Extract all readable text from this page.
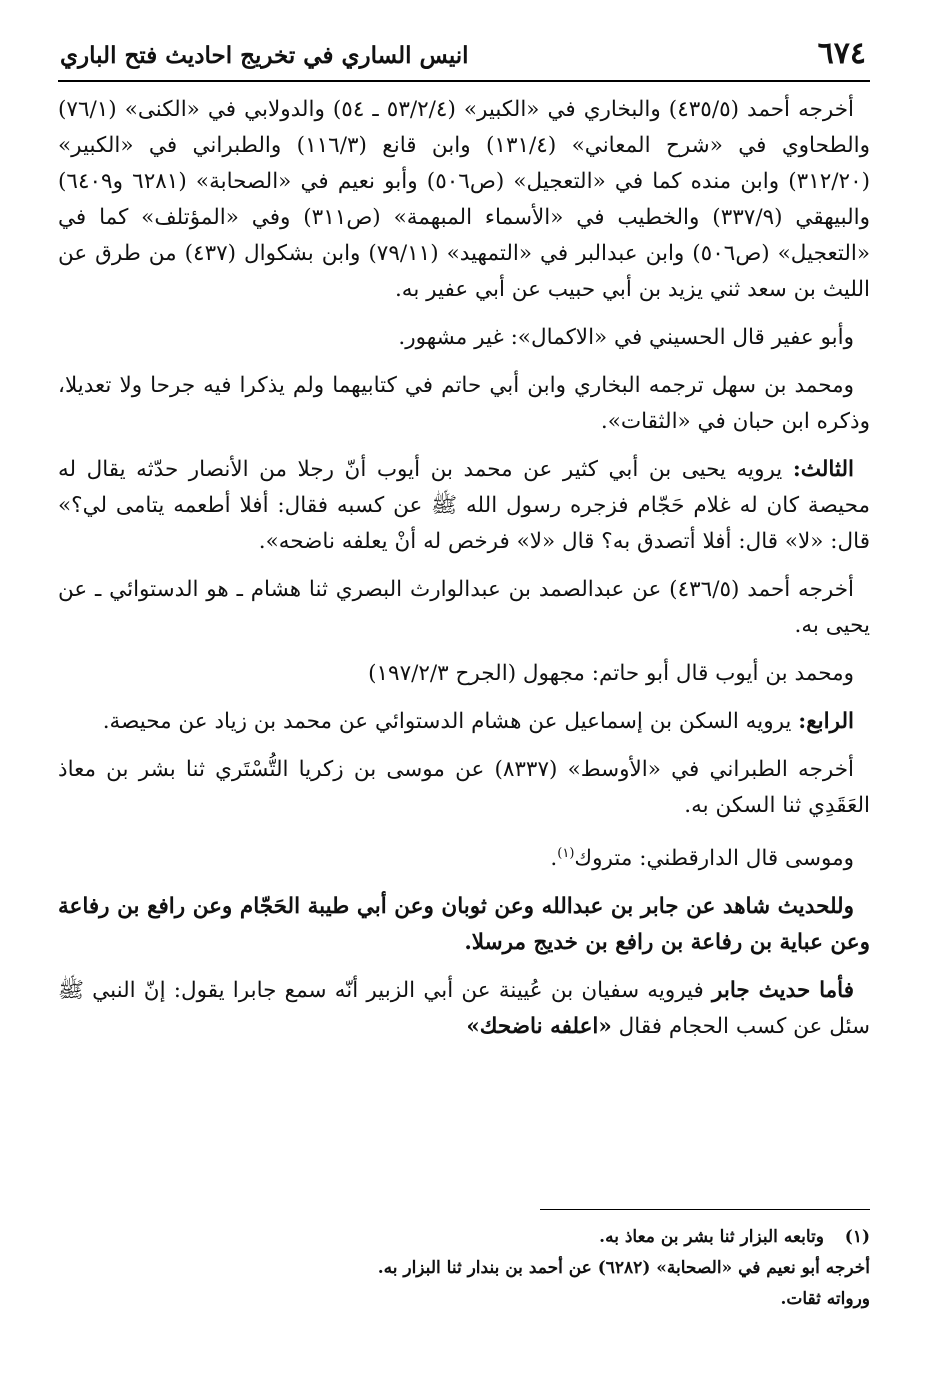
٦٧٤
انيس الساري في تخريج احاديث فتح الباري

أخرجه أحمد (٤٣٥/٥) والبخاري في «الكبير» (٥٣/٢/٤ ـ ٥٤) والدولابي في «الكنى» (٧٦/١) والطحاوي في «شرح المعاني» (١٣١/٤) وابن قانع (١١٦/٣) والطبراني في «الكبير» (٣١٢/٢٠) وابن منده كما في «التعجيل» (ص٥٠٦) وأبو نعيم في «الصحابة» (٦٢٨١ و٦٤٠٩) والبيهقي (٣٣٧/٩) والخطيب في «الأسماء المبهمة» (ص٣١١) وفي «المؤتلف» كما في «التعجيل» (ص٥٠٦) وابن عبدالبر في «التمهيد» (٧٩/١١) وابن بشكوال (٤٣٧) من طرق عن الليث بن سعد ثني يزيد بن أبي حبيب عن أبي عفير به.

وأبو عفير قال الحسيني في «الاكمال»: غير مشهور.

ومحمد بن سهل ترجمه البخاري وابن أبي حاتم في كتابيهما ولم يذكرا فيه جرحا ولا تعديلا، وذكره ابن حبان في «الثقات».

الثالث: يرويه يحيى بن أبي كثير عن محمد بن أيوب أنّ رجلا من الأنصار حدّثه يقال له محيصة كان له غلام حَجّام فزجره رسول الله ﷺ عن كسبه فقال: أفلا أطعمه يتامى لي؟» قال: «لا» قال: أفلا أتصدق به؟ قال «لا» فرخص له أنْ يعلفه ناضحه».

أخرجه أحمد (٤٣٦/٥) عن عبدالصمد بن عبدالوارث البصري ثنا هشام ـ هو الدستوائي ـ عن يحيى به.

ومحمد بن أيوب قال أبو حاتم: مجهول (الجرح ١٩٧/٢/٣)

الرابع: يرويه السكن بن إسماعيل عن هشام الدستوائي عن محمد بن زياد عن محيصة.

أخرجه الطبراني في «الأوسط» (٨٣٣٧) عن موسى بن زكريا التُّسْتَري ثنا بشر بن معاذ العَقَدِي ثنا السكن به.

وموسى قال الدارقطني: متروك$^{(١)}$.

وللحديث شاهد عن جابر بن عبدالله وعن ثوبان وعن أبي طيبة الحَجّام وعن رافع بن رفاعة وعن عباية بن رفاعة بن رافع بن خديج مرسلا.

فأما حديث جابر فيرويه سفيان بن عُيينة عن أبي الزبير أنّه سمع جابرا يقول: إنّ النبي ﷺ سئل عن كسب الحجام فقال «اعلفه ناضحك»

(١)وتابعه البزار ثنا بشر بن معاذ به.
أخرجه أبو نعيم في «الصحابة» (٦٢٨٢) عن أحمد بن بندار ثنا البزار به.
ورواته ثقات.
